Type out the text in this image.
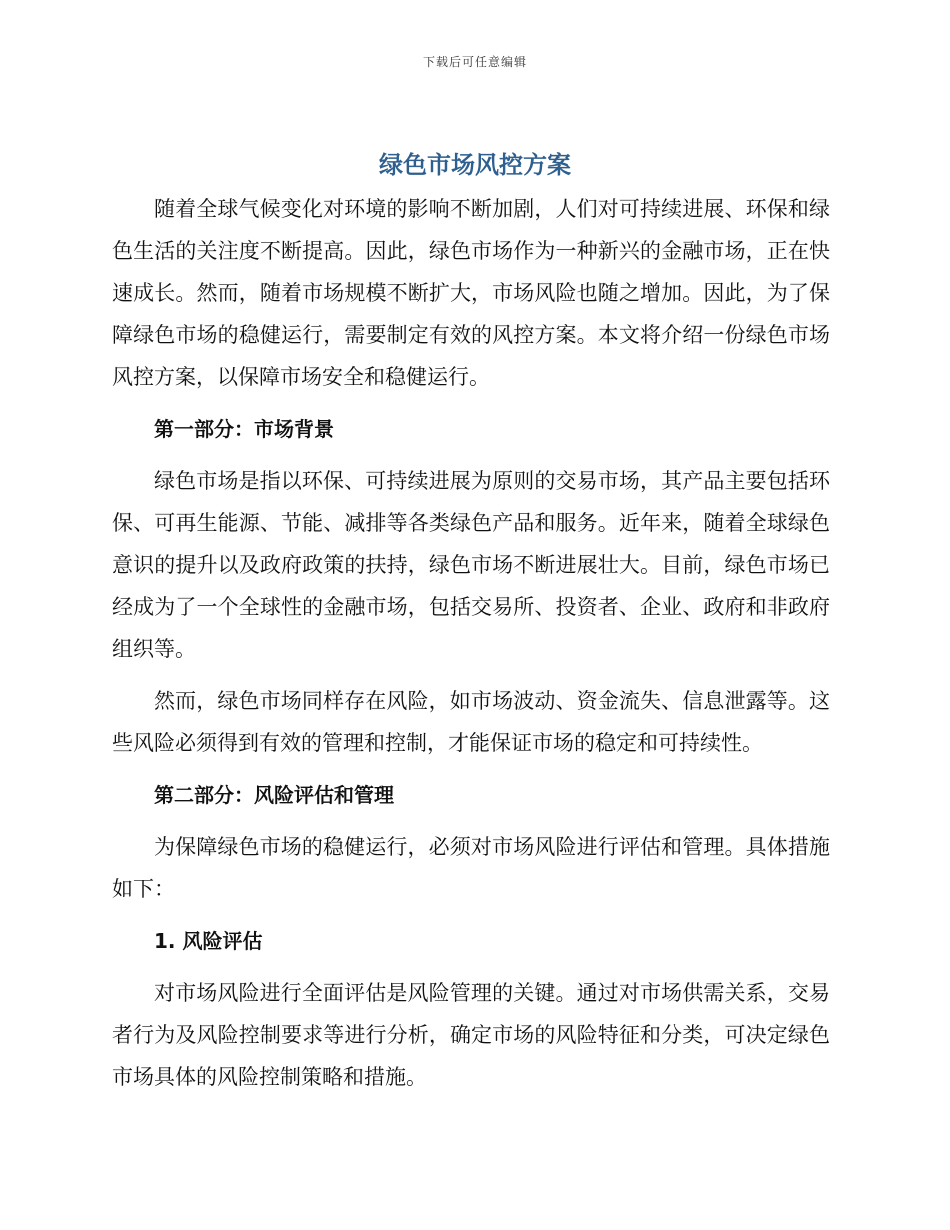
下载后可任意编辑
绿色市场风控方案

随着全球气候变化对环境的影响不断加剧，人们对可持续进展、环保和绿色生活的关注度不断提高。因此，绿色市场作为一种新兴的金融市场，正在快速成长。然而，随着市场规模不断扩大，市场风险也随之增加。因此，为了保障绿色市场的稳健运行，需要制定有效的风控方案。本文将介绍一份绿色市场风控方案，以保障市场安全和稳健运行。

第一部分：市场背景

绿色市场是指以环保、可持续进展为原则的交易市场，其产品主要包括环保、可再生能源、节能、减排等各类绿色产品和服务。近年来，随着全球绿色意识的提升以及政府政策的扶持，绿色市场不断进展壮大。目前，绿色市场已经成为了一个全球性的金融市场，包括交易所、投资者、企业、政府和非政府组织等。

然而，绿色市场同样存在风险，如市场波动、资金流失、信息泄露等。这些风险必须得到有效的管理和控制，才能保证市场的稳定和可持续性。

第二部分：风险评估和管理

为保障绿色市场的稳健运行，必须对市场风险进行评估和管理。具体措施如下：

1. 风险评估

对市场风险进行全面评估是风险管理的关键。通过对市场供需关系，交易者行为及风险控制要求等进行分析，确定市场的风险特征和分类，可决定绿色市场具体的风险控制策略和措施。
